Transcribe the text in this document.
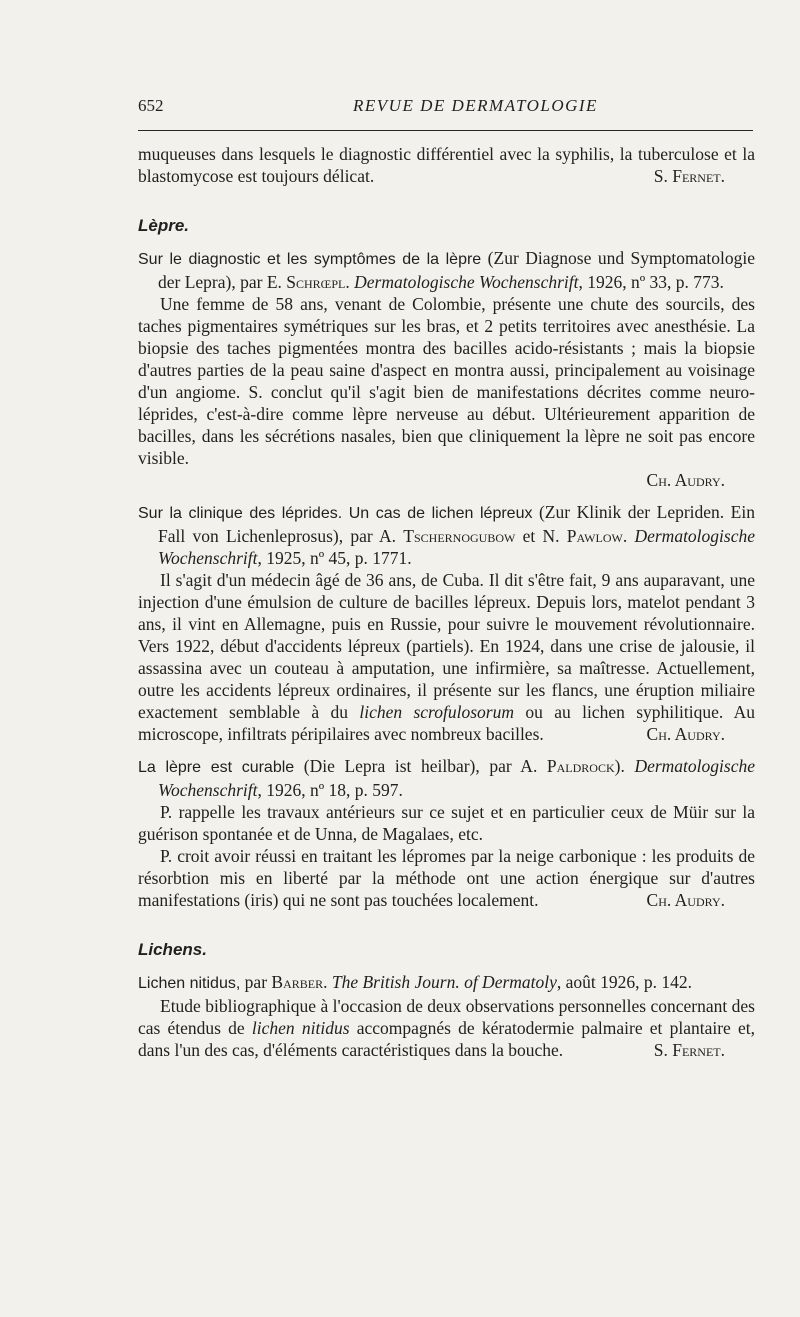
652	REVUE DE DERMATOLOGIE

muqueuses dans lesquels le diagnostic différentiel avec la syphilis, la tuberculose et la blastomycose est toujours délicat.	S. Fernet.

Lèpre.

Sur le diagnostic et les symptômes de la lèpre (Zur Diagnose und Symptomatologie der Lepra), par E. Schrœpl. Dermatologische Wochenschrift, 1926, nº 33, p. 773.

Une femme de 58 ans, venant de Colombie, présente une chute des sourcils, des taches pigmentaires symétriques sur les bras, et 2 petits territoires avec anesthésie. La biopsie des taches pigmentées montra des bacilles acido-résistants ; mais la biopsie d'autres parties de la peau saine d'aspect en montra aussi, principalement au voisinage d'un angiome. S. conclut qu'il s'agit bien de manifestations décrites comme neuro-léprides, c'est-à-dire comme lèpre nerveuse au début. Ultérieurement apparition de bacilles, dans les sécrétions nasales, bien que cliniquement la lèpre ne soit pas encore visible.

Ch. Audry.

Sur la clinique des léprides. Un cas de lichen lépreux (Zur Klinik der Lepriden. Ein Fall von Lichenleprosus), par A. Tschernogubow et N. Pawlow. Dermatologische Wochenschrift, 1925, nº 45, p. 1771.

Il s'agit d'un médecin âgé de 36 ans, de Cuba. Il dit s'être fait, 9 ans auparavant, une injection d'une émulsion de culture de bacilles lépreux. Depuis lors, matelot pendant 3 ans, il vint en Allemagne, puis en Russie, pour suivre le mouvement révolutionnaire. Vers 1922, début d'accidents lépreux (partiels). En 1924, dans une crise de jalousie, il assassina avec un couteau à amputation, une infirmière, sa maîtresse. Actuellement, outre les accidents lépreux ordinaires, il présente sur les flancs, une éruption miliaire exactement semblable à du lichen scrofulosorum ou au lichen syphilitique. Au microscope, infiltrats péripilaires avec nombreux bacilles.	Ch. Audry.

La lèpre est curable (Die Lepra ist heilbar), par A. Paldrock). Dermatologische Wochenschrift, 1926, nº 18, p. 597.

P. rappelle les travaux antérieurs sur ce sujet et en particulier ceux de Müir sur la guérison spontanée et de Unna, de Magalaes, etc.

P. croit avoir réussi en traitant les lépromes par la neige carbonique : les produits de résorbtion mis en liberté par la méthode ont une action énergique sur d'autres manifestations (iris) qui ne sont pas touchées localement.	Ch. Audry.

Lichens.

Lichen nitidus, par Barber. The British Journ. of Dermatoly, août 1926, p. 142.

Etude bibliographique à l'occasion de deux observations personnelles concernant des cas étendus de lichen nitidus accompagnés de kératodermie palmaire et plantaire et, dans l'un des cas, d'éléments caractéristiques dans la bouche.	S. Fernet.
